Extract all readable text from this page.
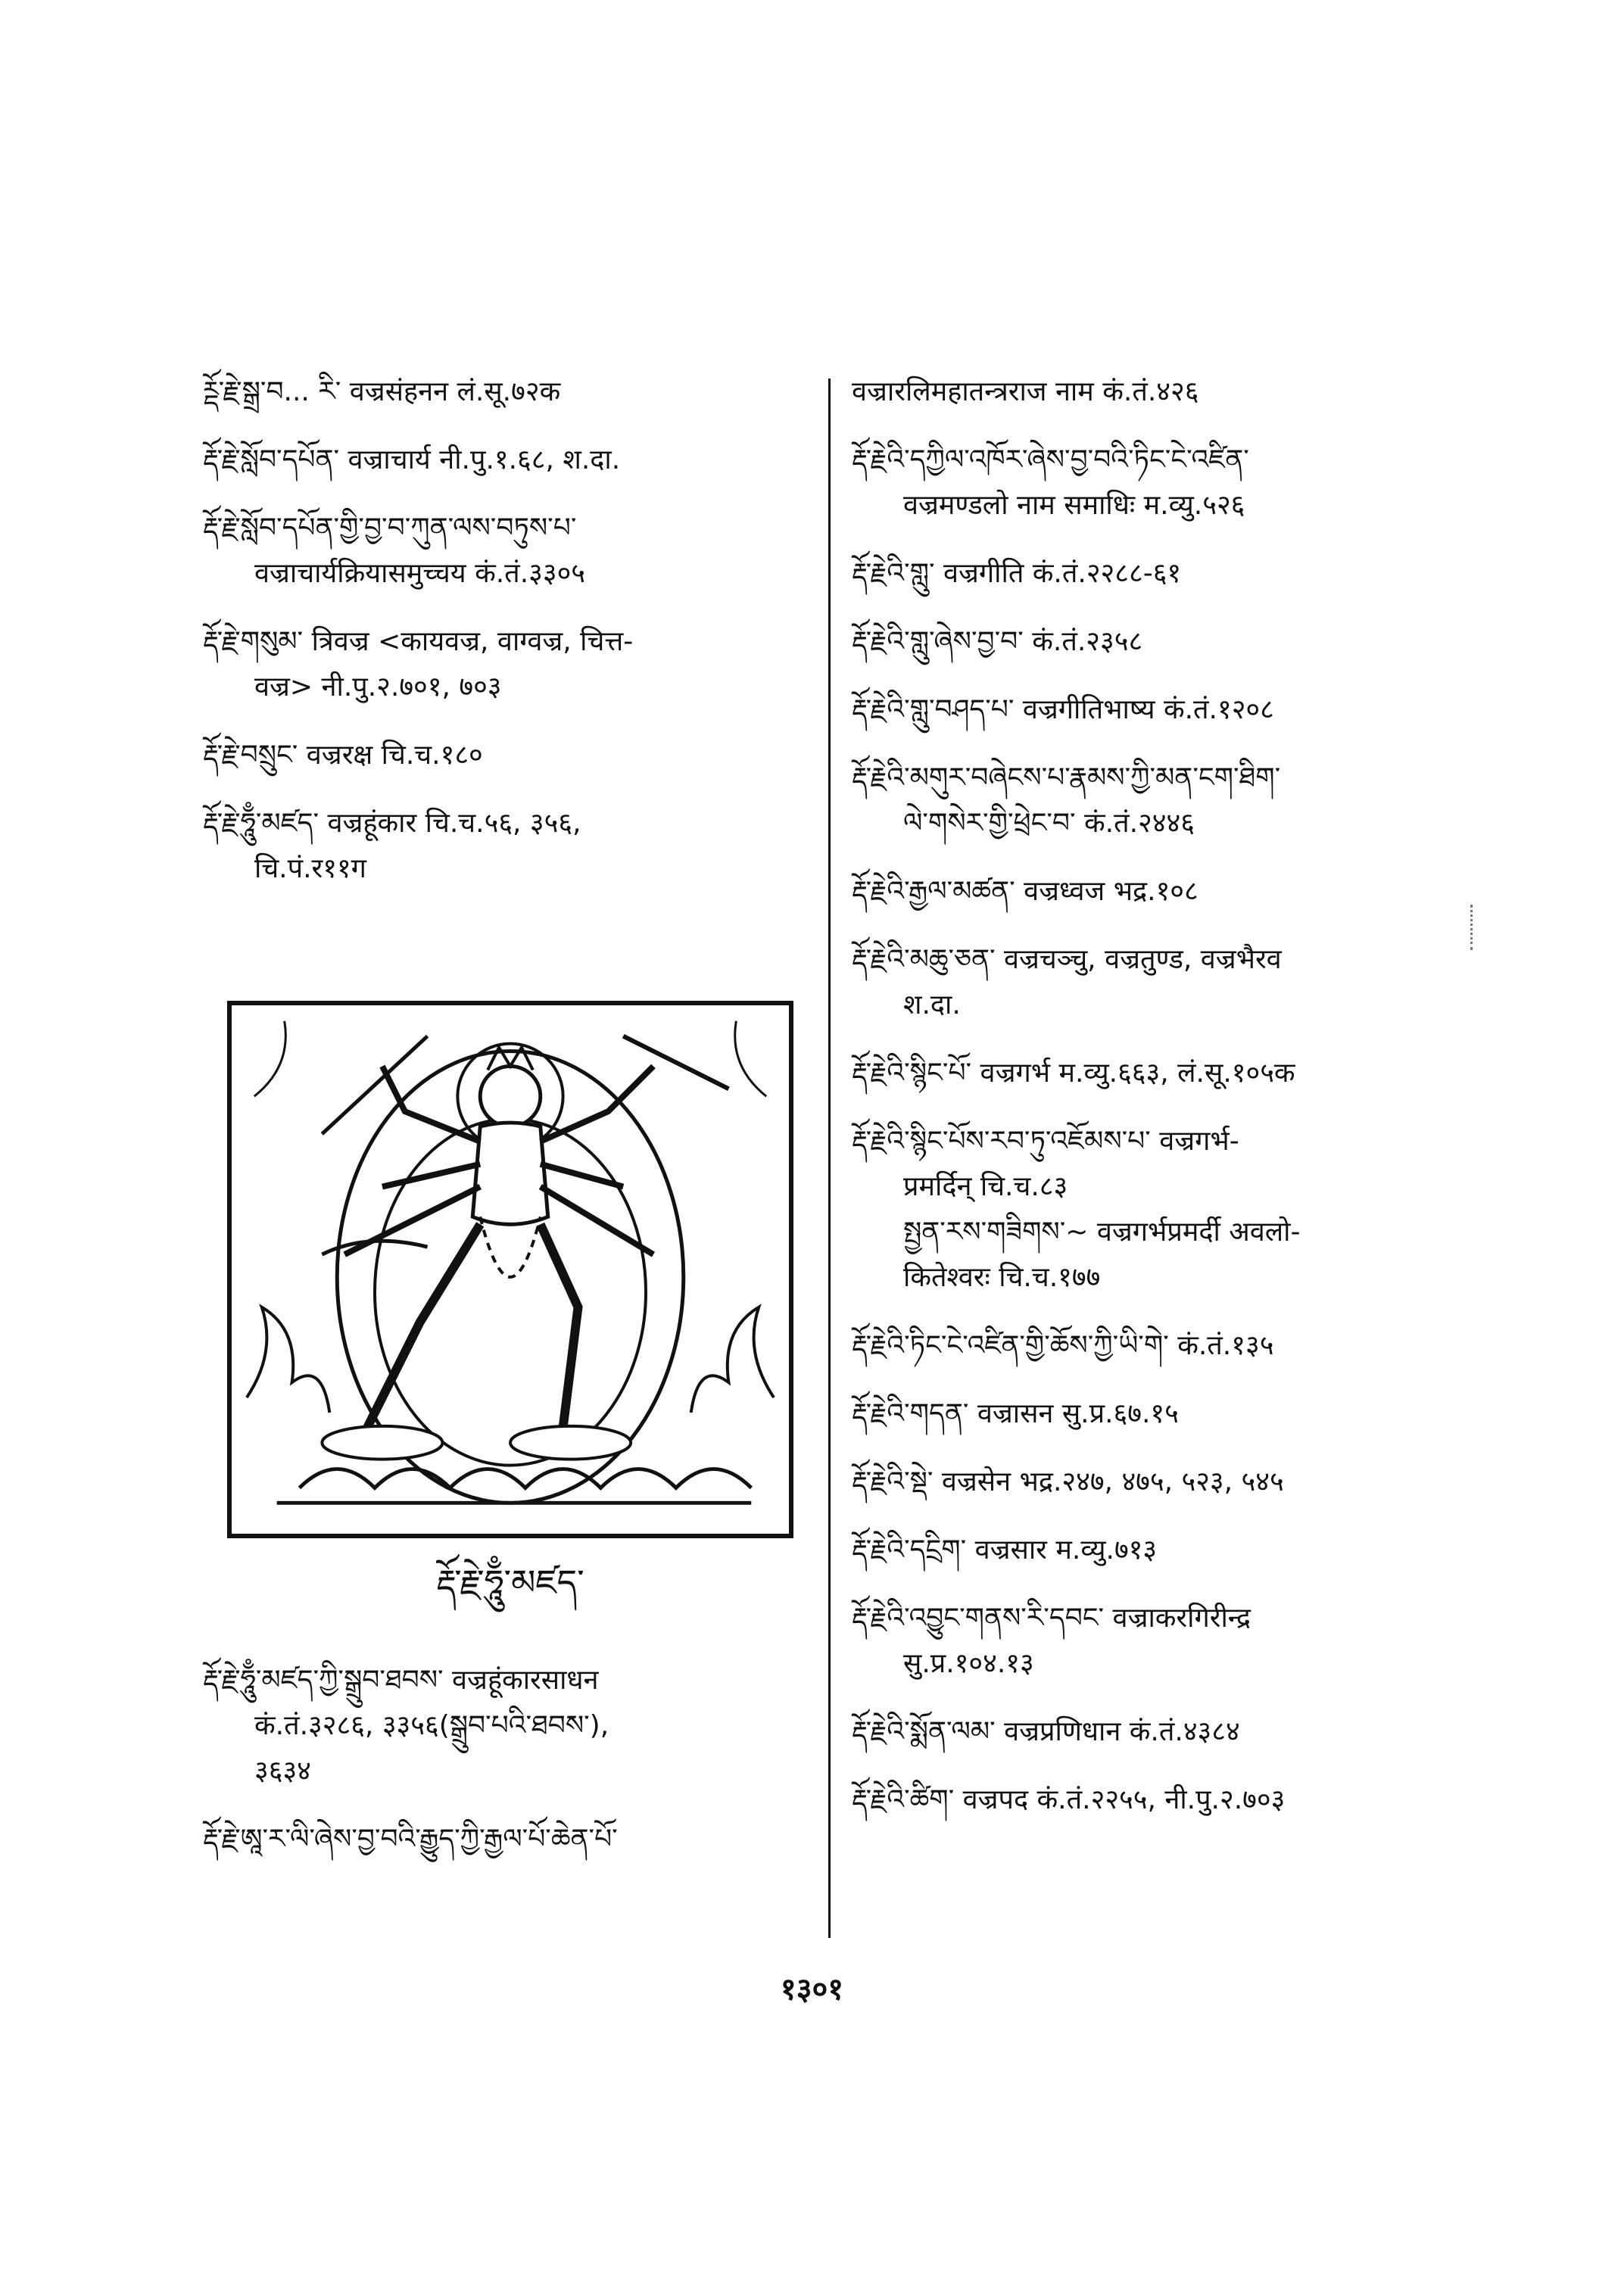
ཪྡོ་རྗེ་སྒྲ་བ... རི་ वज्रसंहनन लं.सू.७२क
རྡོ་རྗེ་སློབ་དཔོན་ वज्राचार्य नी.पु.१.६८, श.दा.
རྡོ་རྗེ་སློབ་དཔོན་གྱི་བྱ་བ་ཀུན་ལས་བཏུས་པ་
वज्राचार्यक्रियासमुच्चय कं.तं.३३०५
རྡོ་རྗེ་གསུམ་ त्रिवज्र <कायवज्र, वाग्वज्र, चित्त-
वज्र> नी.पु.२.७०१, ७०३
རྡོ་རྗེ་བསྲུང་ वज्ररक्ष चि.च.१८०
རྡོ་རྗེ་ཧཱུྃ་མཛད་ वज्रहूंकार चि.च.५६, ३५६,
चि.पं.र११ग
རྡོ་རྗེ་ཧཱུྃ་མཛད་
རྡོ་རྗེ་ཧཱུྃ་མཛད་ཀྱི་སྒྲུབ་ཐབས་ वज्रहूंकारसाधन
कं.तं.३२८६, ३३५६(སྒྲུབ་པའི་ཐབས་),
३६३४
རྡོ་རྗེ་ཨཱ་ར་ལི་ཞེས་བྱ་བའི་རྒྱུད་ཀྱི་རྒྱལ་པོ་ཆེན་པོ་
वज्रारलिमहातन्त्रराज नाम कं.तं.४२६
རྡོ་རྗེའི་དཀྱིལ་འཁོར་ཞེས་བྱ་བའི་ཏིང་ངེ་འཛིན་
वज्रमण्डलो नाम समाधिः म.व्यु.५२६
རྡོ་རྗེའི་གླུ་ वज्रगीति कं.तं.२२८८-६१
རྡོ་རྗེའི་གླུ་ཞེས་བྱ་བ་ कं.तं.२३५८
རྡོ་རྗེའི་གླུ་བཤད་པ་ वज्रगीतिभाष्य कं.तं.१२०८
རྡོ་རྗེའི་མགུར་བཞེངས་པ་རྣམས་ཀྱི་མན་ངག་ཐིག་
ལེ་གསེར་གྱི་ཕྲེང་བ་ कं.तं.२४४६
རྡོ་རྗེའི་རྒྱལ་མཚན་ वज्रध्वज भद्र.१०८
རྡོ་རྗེའི་མཆུ་ཅན་ वज्रचञ्चु, वज्रतुण्ड, वज्रभैरव
श.दा.
རྡོ་རྗེའི་སྙིང་པོ་ वज्रगर्भ म.व्यु.६६३, लं.सू.१०५क
རྡོ་རྗེའི་སྙིང་པོས་རབ་ཏུ་འཇོམས་པ་ वज्रगर्भ-
प्रमर्दिन् चि.च.८३
སྤྱན་རས་གཟིགས་~ वज्रगर्भप्रमर्दी अवलो-
कितेश्वरः चि.च.१७७
རྡོ་རྗེའི་ཏིང་ངེ་འཛིན་གྱི་ཆོས་ཀྱི་ཡི་གེ་ कं.तं.१३५
རྡོ་རྗེའི་གདན་ वज्रासन सु.प्र.६७.१५
རྡོ་རྗེའི་སྡེ་ वज्रसेन भद्र.२४७, ४७५, ५२३, ५४५
རྡོ་རྗེའི་དངྲིག་ वज्रसार म.व्यु.७१३
རྡོ་རྗེའི་འབྱུང་གནས་རི་དབང་ वज्राकरगिरीन्द्र
सु.प्र.१०४.१३
རྡོ་རྗེའི་སྨོན་ལམ་ वज्रप्रणिधान कं.तं.४३८४
རྡོ་རྗེའི་ཚིག་ वज्रपद कं.तं.२२५५, नी.पु.२.७०३
१३०१
